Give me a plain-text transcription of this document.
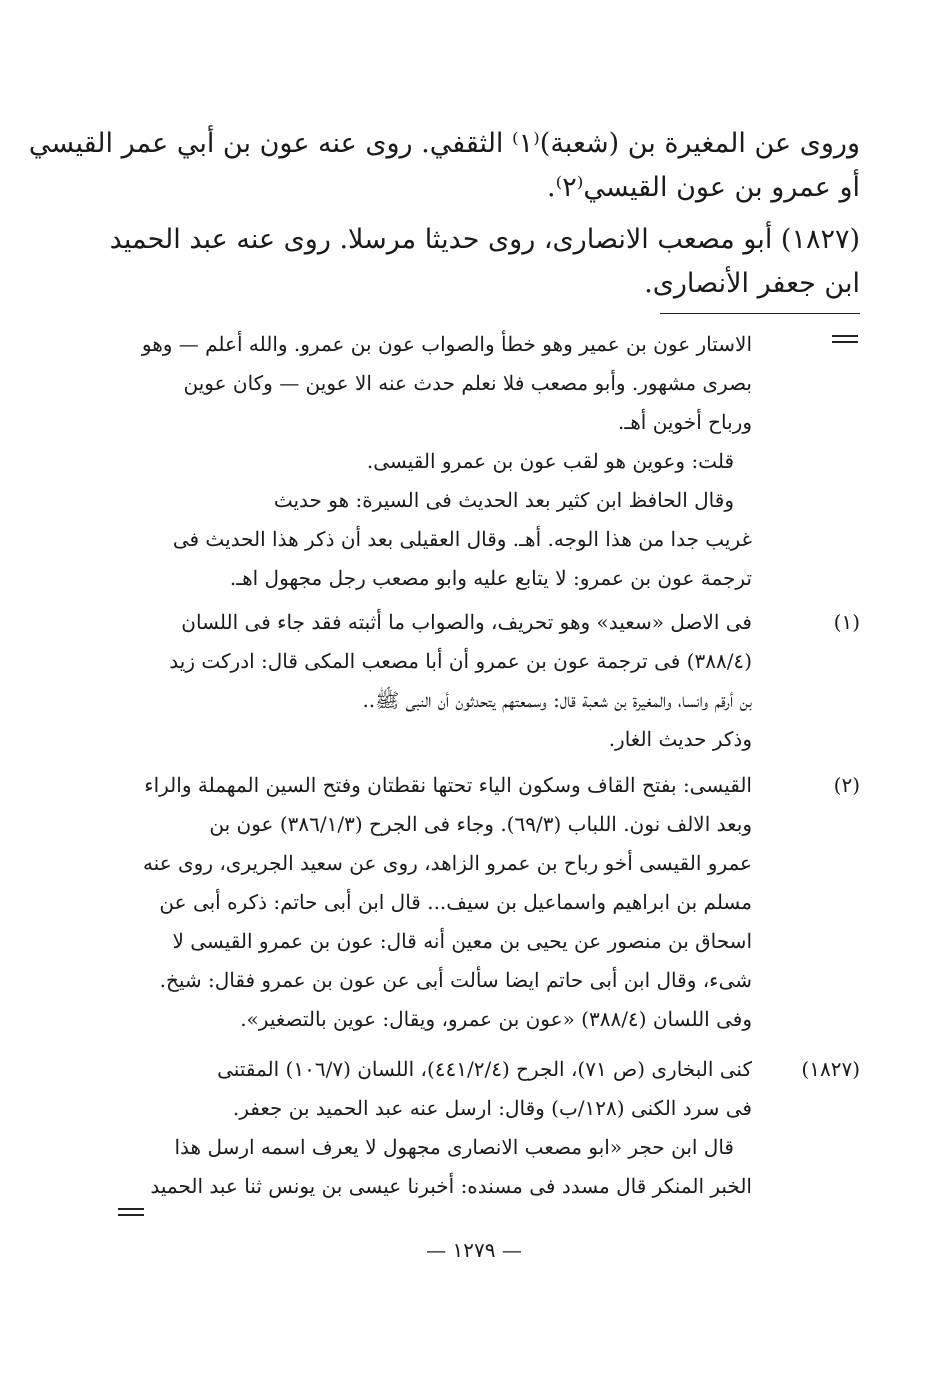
وروى عن المغيرة بن (شعبة)⁽١⁾ الثقفي. روى عنه عون بن أبي عمر القيسي
أو عمرو بن عون القيسي⁽٢⁾.
(١٨٢٧) أبو مصعب الانصارى، روى حديثا مرسلا. روى عنه عبد الحميد
ابن جعفر الأنصارى.
الاستار عون بن عمير وهو خطأ والصواب عون بن عمرو. والله أعلم — وهو
بصرى مشهور. وأبو مصعب فلا نعلم حدث عنه الا عوين — وكان عوين
ورباح أخوين أهـ.
قلت: وعوين هو لقب عون بن عمرو القيسى.
وقال الحافظ ابن كثير بعد الحديث فى السيرة: هو حديث
غريب جدا من هذا الوجه. أهـ. وقال العقيلى بعد أن ذكر هذا الحديث فى
ترجمة عون بن عمرو: لا يتابع عليه وابو مصعب رجل مجهول اهـ.
(١)
فى الاصل «سعيد» وهو تحريف، والصواب ما أثبته فقد جاء فى اللسان
(٣٨٨/٤) فى ترجمة عون بن عمرو أن أبا مصعب المكى قال: ادركت زيد
بن أرقم وانسا، والمغيرة بن شعبة قال: وسمعتهم يتحدثون أن النبى ﷺ..
وذكر حديث الغار.
(٢)
القيسى: بفتح القاف وسكون الياء تحتها نقطتان وفتح السين المهملة والراء
وبعد الالف نون. اللباب (٦٩/٣). وجاء فى الجرح (٣٨٦/١/٣) عون بن
عمرو القيسى أخو رباح بن عمرو الزاهد، روى عن سعيد الجريرى، روى عنه
مسلم بن ابراهيم واسماعيل بن سيف... قال ابن أبى حاتم: ذكره أبى عن
اسحاق بن منصور عن يحيى بن معين أنه قال: عون بن عمرو القيسى لا
شىء، وقال ابن أبى حاتم ايضا سألت أبى عن عون بن عمرو فقال: شيخ.
وفى اللسان (٣٨٨/٤) «عون بن عمرو، ويقال: عوين بالتصغير».
(١٨٢٧)
كنى البخارى (ص ٧١)، الجرح (٤٤١/٢/٤)، اللسان (١٠٦/٧) المقتنى
فى سرد الكنى (١٢٨/ب) وقال: ارسل عنه عبد الحميد بن جعفر.
قال ابن حجر «ابو مصعب الانصارى مجهول لا يعرف اسمه ارسل هذا
الخبر المنكر قال مسدد فى مسنده: أخبرنا عيسى بن يونس ثنا عبد الحميد
— ١٢٧٩ —
